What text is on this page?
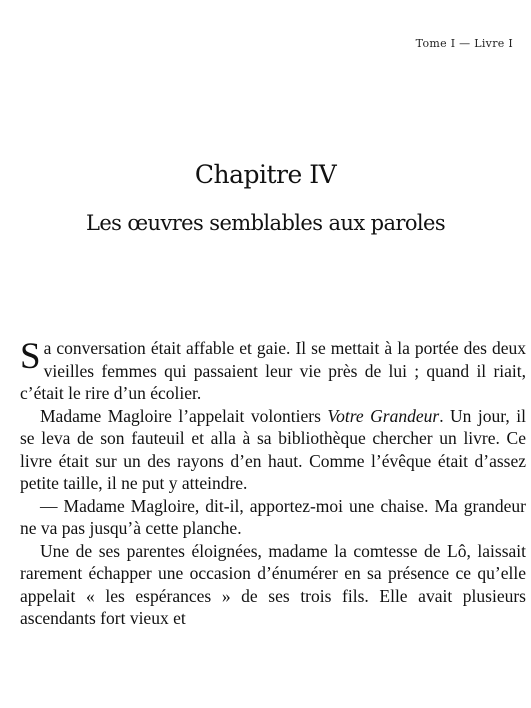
Tome I — Livre I
Chapitre IV
Les œuvres semblables aux paroles

Sa conversation était affable et gaie. Il se mettait à la portée des deux vieilles femmes qui passaient leur vie près de lui ; quand il riait, c’était le rire d’un écolier.

Madame Magloire l’appelait volontiers Votre Grandeur. Un jour, il se leva de son fauteuil et alla à sa bibliothèque chercher un livre. Ce livre était sur un des rayons d’en haut. Comme l’évêque était d’assez petite taille, il ne put y atteindre.

— Madame Magloire, dit-il, apportez-moi une chaise. Ma grandeur ne va pas jusqu’à cette planche.

Une de ses parentes éloignées, madame la comtesse de Lô, laissait rarement échapper une occasion d’énumérer en sa présence ce qu’elle appelait « les espérances » de ses trois fils. Elle avait plusieurs ascendants fort vieux et
